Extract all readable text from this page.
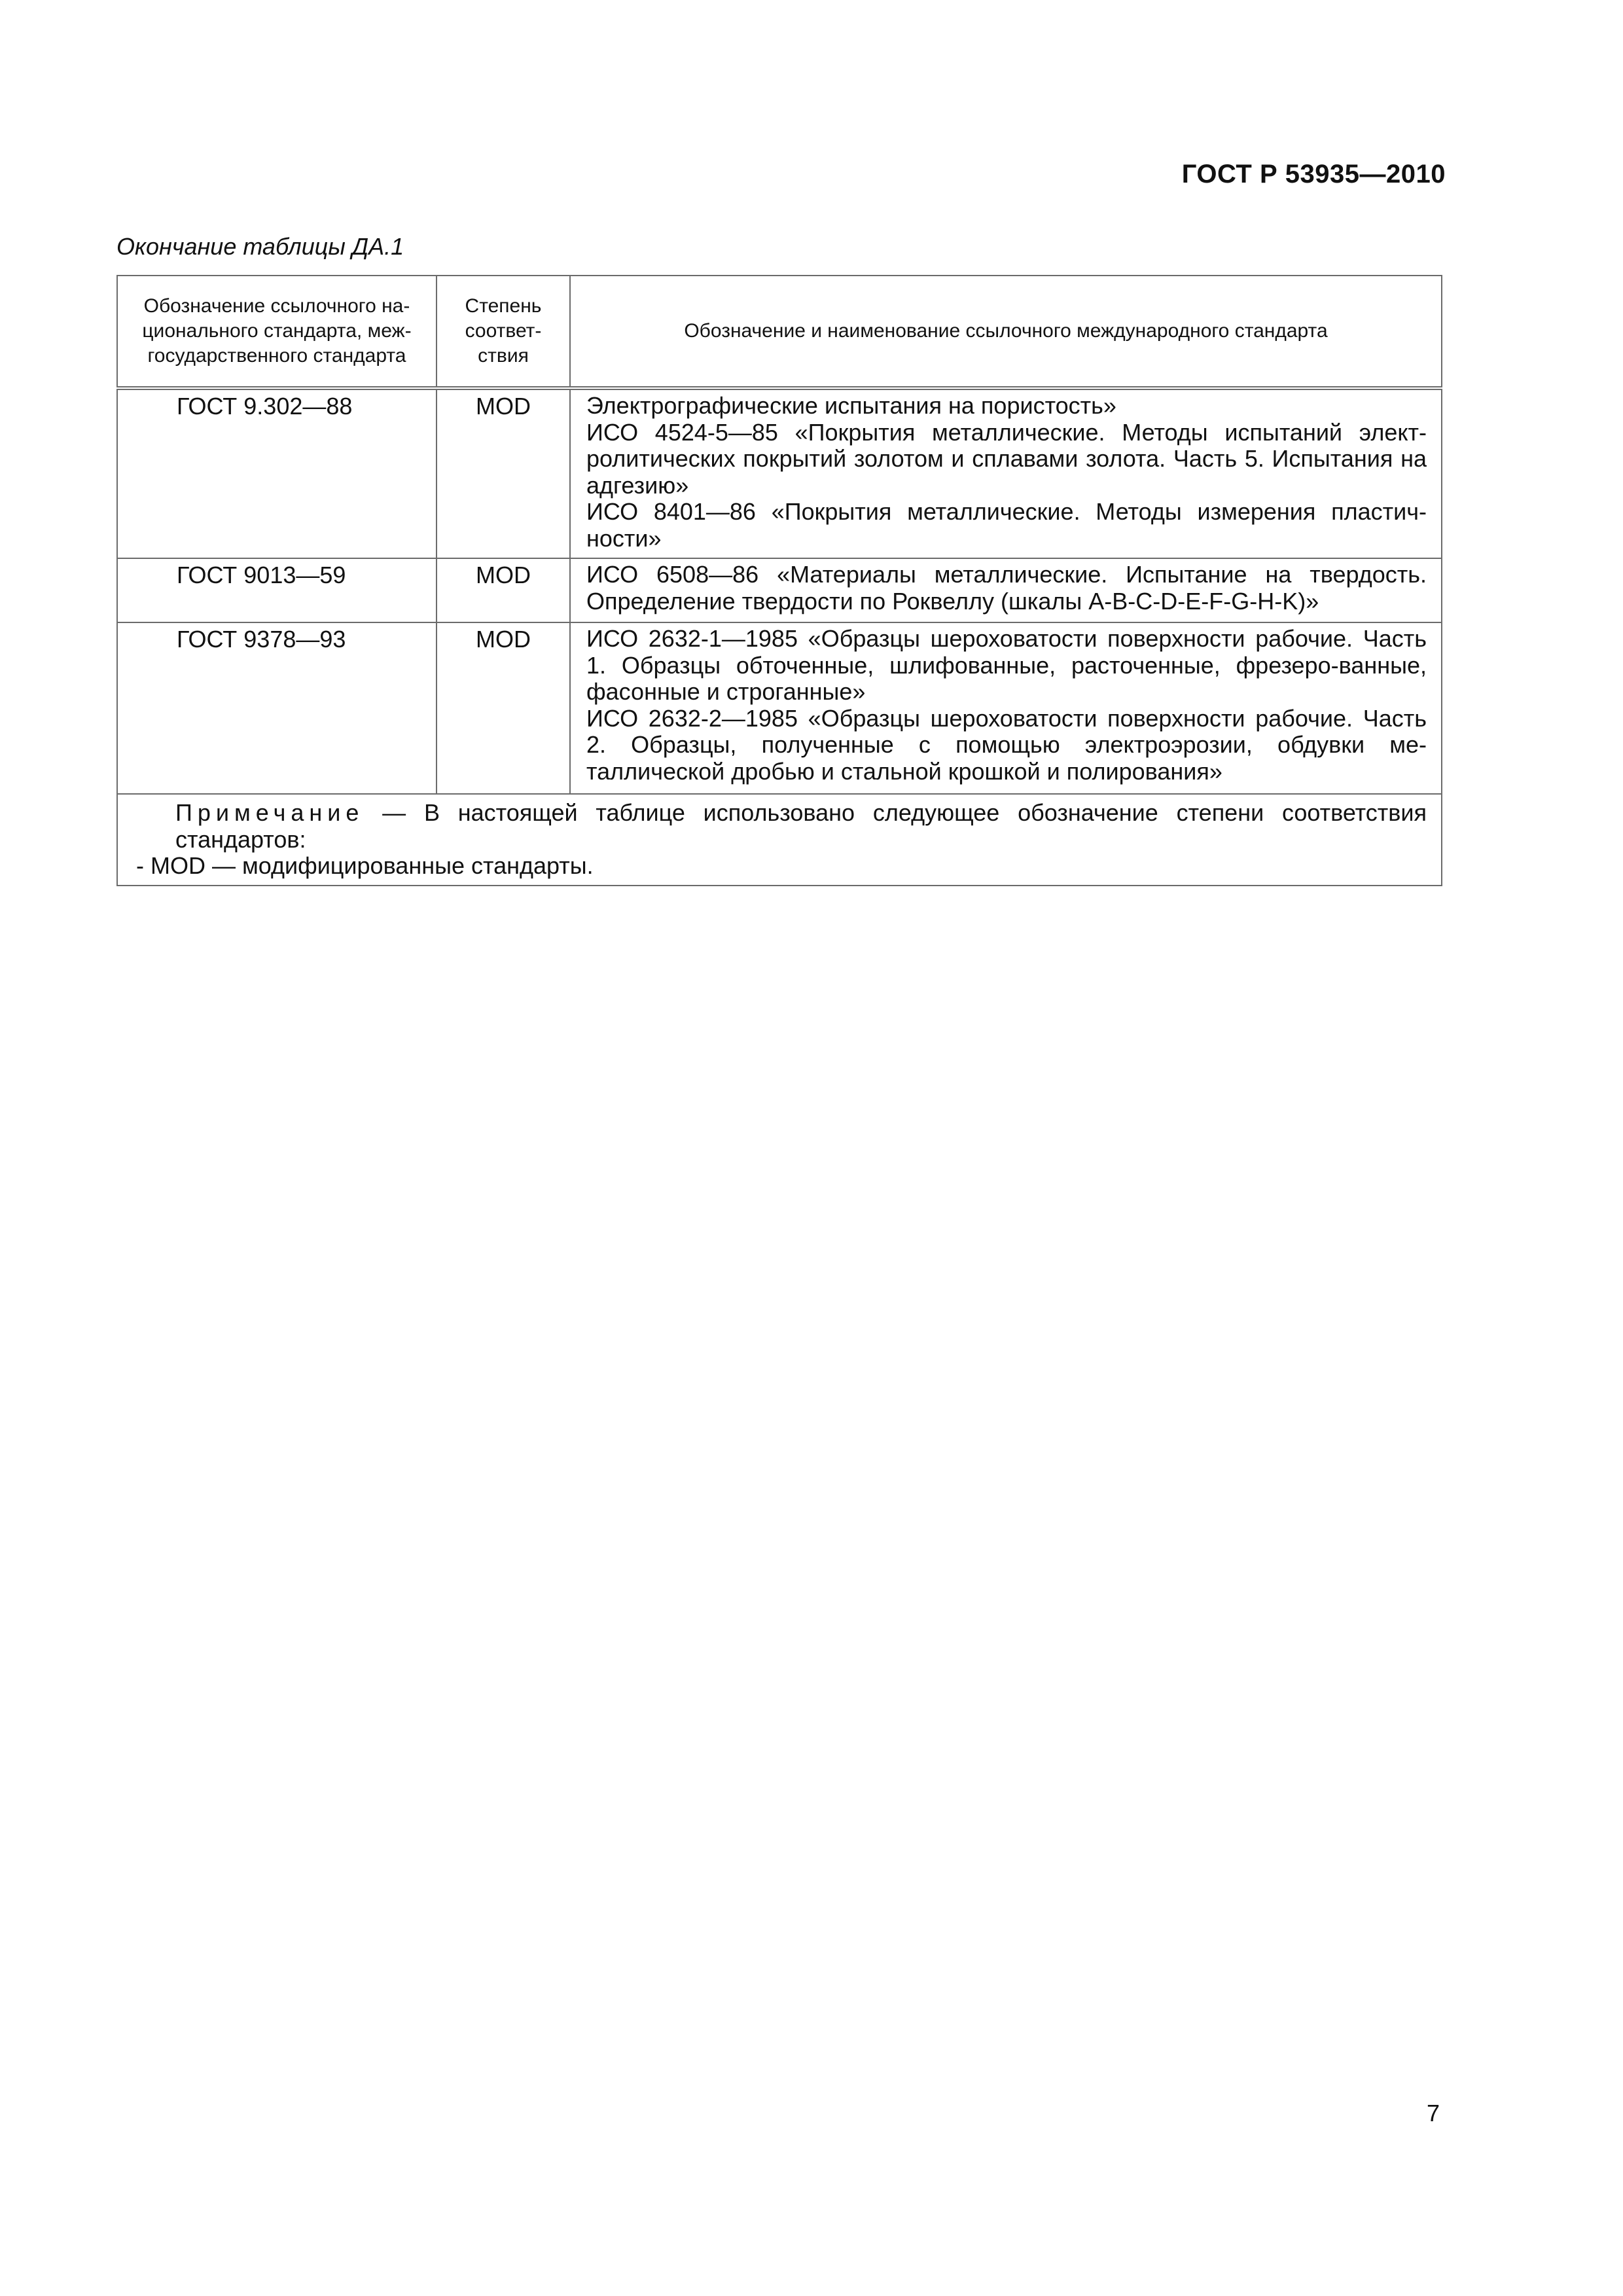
ГОСТ Р 53935—2010
Окончание таблицы ДА.1
Обозначение ссылочного на-ционального стандарта, меж-государственного стандарта	Степень соответ-ствия	Обозначение и наименование ссылочного международного стандарта
ГОСТ 9.302—88	MOD	Электрографические испытания на пористость»

ИСО 4524-5—85 «Покрытия металлические. Методы испытаний элект-ролитических покрытий золотом и сплавами золота. Часть 5. Испытания на адгезию»

ИСО 8401—86 «Покрытия металлические. Методы измерения пластич-ности»

ГОСТ 9013—59	MOD	ИСО 6508—86 «Материалы металлические. Испытание на твердость. Определение твердости по Роквеллу (шкалы A-B-C-D-E-F-G-H-K)»

ГОСТ 9378—93	MOD	ИСО 2632-1—1985 «Образцы шероховатости поверхности рабочие. Часть 1. Образцы обточенные, шлифованные, расточенные, фрезеро-ванные, фасонные и строганные»

ИСО 2632-2—1985 «Образцы шероховатости поверхности рабочие. Часть 2. Образцы, полученные с помощью электроэрозии, обдувки ме-таллической дробью и стальной крошкой и полирования»

Примечание — В настоящей таблице использовано следующее обозначение степени соответствия стандартов:

- MOD — модифицированные стандарты.		

7
